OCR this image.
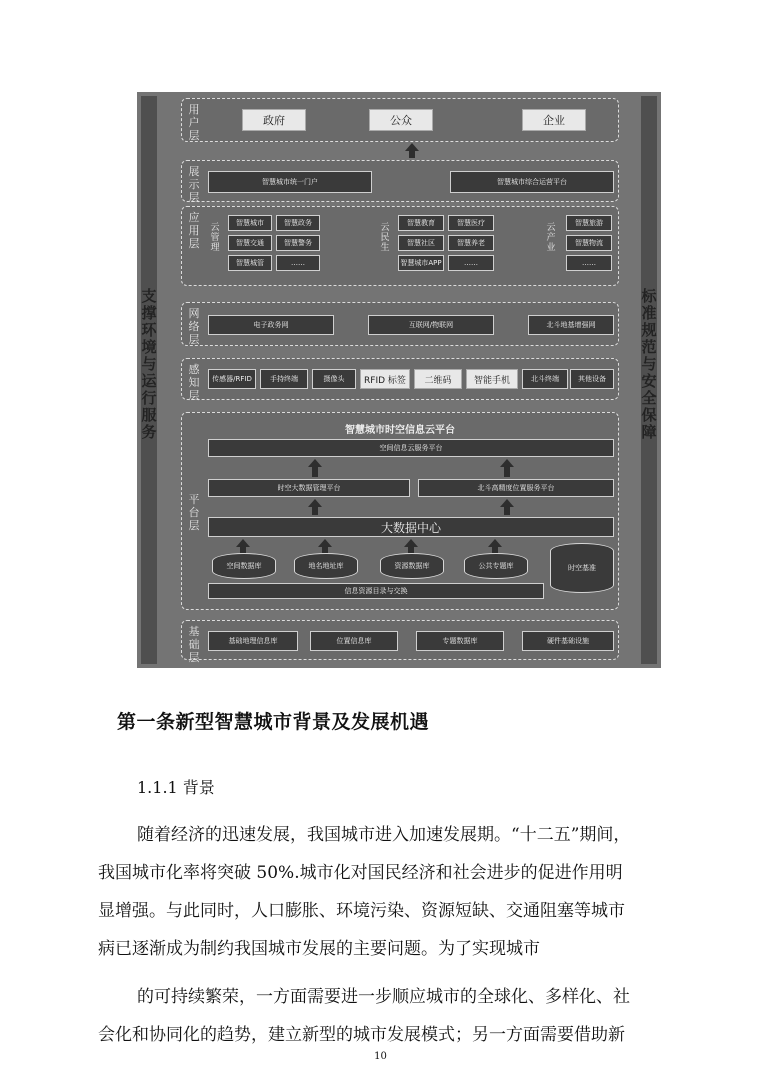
支撑环境与运行服务
标准规范与安全保障
用户层
政府	公众	企业
展示层
智慧城市统一门户	智慧城市综合运营平台
应用层
云管理
智慧城市	智慧政务
智慧交通	智慧警务
智慧城管	……
云民生
智慧教育	智慧医疗
智慧社区	智慧养老
智慧城市APP	……
云产业
智慧旅游
智慧物流
……
网络层
电子政务网	互联网/物联网	北斗地基增强网
感知层
传感器/RFID	手持终端	摄像头	RFID 标签	二维码	智能手机	北斗终端	其他设备
平台层
智慧城市时空信息云平台
空间信息云服务平台
时空大数据管理平台	北斗高精度位置服务平台
大数据中心
空间数据库	地名地址库	资源数据库	公共专题库	时空基准
信息资源目录与交换
基础层
基础地理信息库	位置信息库	专题数据库	硬件基础设施
第一条新型智慧城市背景及发展机遇
1.1.1 背景
随着经济的迅速发展，我国城市进入加速发展期。“十二五”期间，
我国城市化率将突破 50%.城市化对国民经济和社会进步的促进作用明
显增强。与此同时，人口膨胀、环境污染、资源短缺、交通阻塞等城市
病已逐渐成为制约我国城市发展的主要问题。为了实现城市
的可持续繁荣，一方面需要进一步顺应城市的全球化、多样化、社
会化和协同化的趋势，建立新型的城市发展模式；另一方面需要借助新
10
